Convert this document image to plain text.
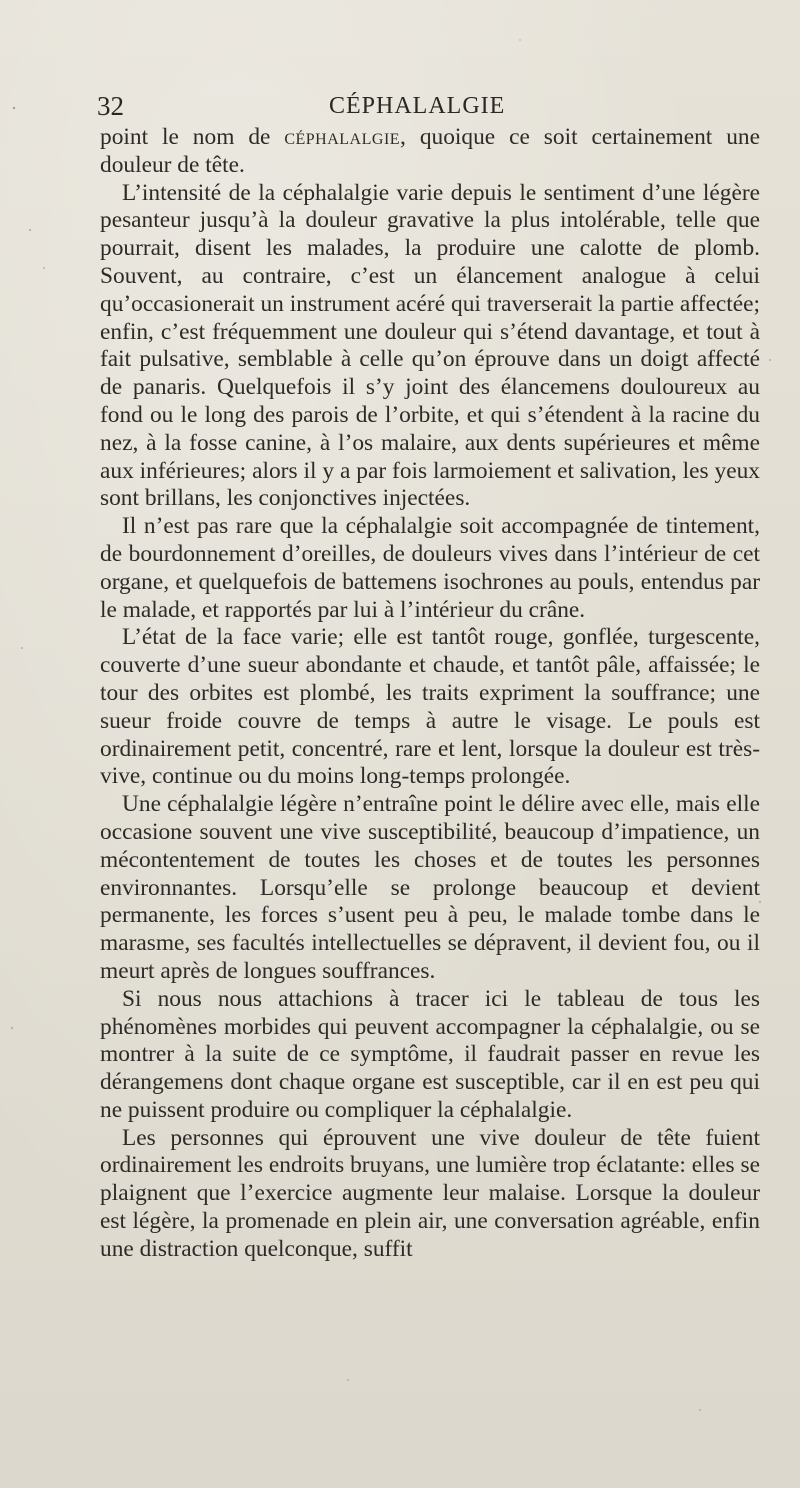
32	CÉPHALALGIE

point le nom de céphalalgie, quoique ce soit certainement une douleur de tête.

L’intensité de la céphalalgie varie depuis le sentiment d’une légère pesanteur jusqu’à la douleur gravative la plus intolérable, telle que pourrait, disent les malades, la produire une calotte de plomb. Souvent, au contraire, c’est un élancement analogue à celui qu’occasionerait un instrument acéré qui traverserait la partie affectée; enfin, c’est fréquemment une douleur qui s’étend davantage, et tout à fait pulsative, semblable à celle qu’on éprouve dans un doigt affecté de panaris. Quelquefois il s’y joint des élancemens douloureux au fond ou le long des parois de l’orbite, et qui s’étendent à la racine du nez, à la fosse canine, à l’os malaire, aux dents supérieures et même aux inférieures; alors il y a par fois larmoiement et salivation, les yeux sont brillans, les conjonctives injectées.

Il n’est pas rare que la céphalalgie soit accompagnée de tintement, de bourdonnement d’oreilles, de douleurs vives dans l’intérieur de cet organe, et quelquefois de battemens isochrones au pouls, entendus par le malade, et rapportés par lui à l’intérieur du crâne.

L’état de la face varie; elle est tantôt rouge, gonflée, turgescente, couverte d’une sueur abondante et chaude, et tantôt pâle, affaissée; le tour des orbites est plombé, les traits expriment la souffrance; une sueur froide couvre de temps à autre le visage. Le pouls est ordinairement petit, concentré, rare et lent, lorsque la douleur est très-vive, continue ou du moins long-temps prolongée.

Une céphalalgie légère n’entraîne point le délire avec elle, mais elle occasione souvent une vive susceptibilité, beaucoup d’impatience, un mécontentement de toutes les choses et de toutes les personnes environnantes. Lorsqu’elle se prolonge beaucoup et devient permanente, les forces s’usent peu à peu, le malade tombe dans le marasme, ses facultés intellectuelles se dépravent, il devient fou, ou il meurt après de longues souffrances.

Si nous nous attachions à tracer ici le tableau de tous les phénomènes morbides qui peuvent accompagner la céphalalgie, ou se montrer à la suite de ce symptôme, il faudrait passer en revue les dérangemens dont chaque organe est susceptible, car il en est peu qui ne puissent produire ou compliquer la céphalalgie.

Les personnes qui éprouvent une vive douleur de tête fuient ordinairement les endroits bruyans, une lumière trop éclatante: elles se plaignent que l’exercice augmente leur malaise. Lorsque la douleur est légère, la promenade en plein air, une conversation agréable, enfin une distraction quelconque, suffit
